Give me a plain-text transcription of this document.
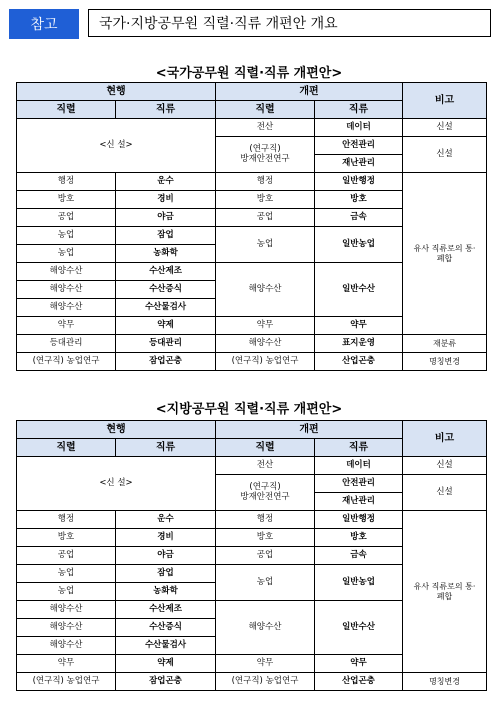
참고	국가·지방공무원 직렬·직류 개편안 개요
<국가공무원 직렬·직류 개편안>
현행		개편		비고
직렬	직류	직렬	직류	
<신 설>		전산	데이터	신설
		(연구직)
방재안전연구	안전관리	신설
			재난관리	
행정	운수	행정	일반행정	유사 직류로의 통·
폐합
방호	경비	방호	방호	
공업	야금	공업	금속	
농업	잠업	농업	일반농업	
농업	농화학			
해양수산	수산제조	해양수산	일반수산	
해양수산	수산증식			
해양수산	수산물검사			
약무	약제	약무	약무	
등대관리	등대관리	해양수산	표지운영	재분류
(연구직) 농업연구	잠업곤충	(연구직) 농업연구	산업곤충	명칭변경
<지방공무원 직렬·직류 개편안>
현행		개편		비고
직렬	직류	직렬	직류	
<신 설>		전산	데이터	신설
		(연구직)
방재안전연구	안전관리	신설
			재난관리	
행정	운수	행정	일반행정	유사 직류로의 통·
폐합
방호	경비	방호	방호	
공업	야금	공업	금속	
농업	잠업	농업	일반농업	
농업	농화학			
해양수산	수산제조	해양수산	일반수산	
해양수산	수산증식			
해양수산	수산물검사			
약무	약제	약무	약무	
(연구직) 농업연구	잠업곤충	(연구직) 농업연구	산업곤충	명칭변경
